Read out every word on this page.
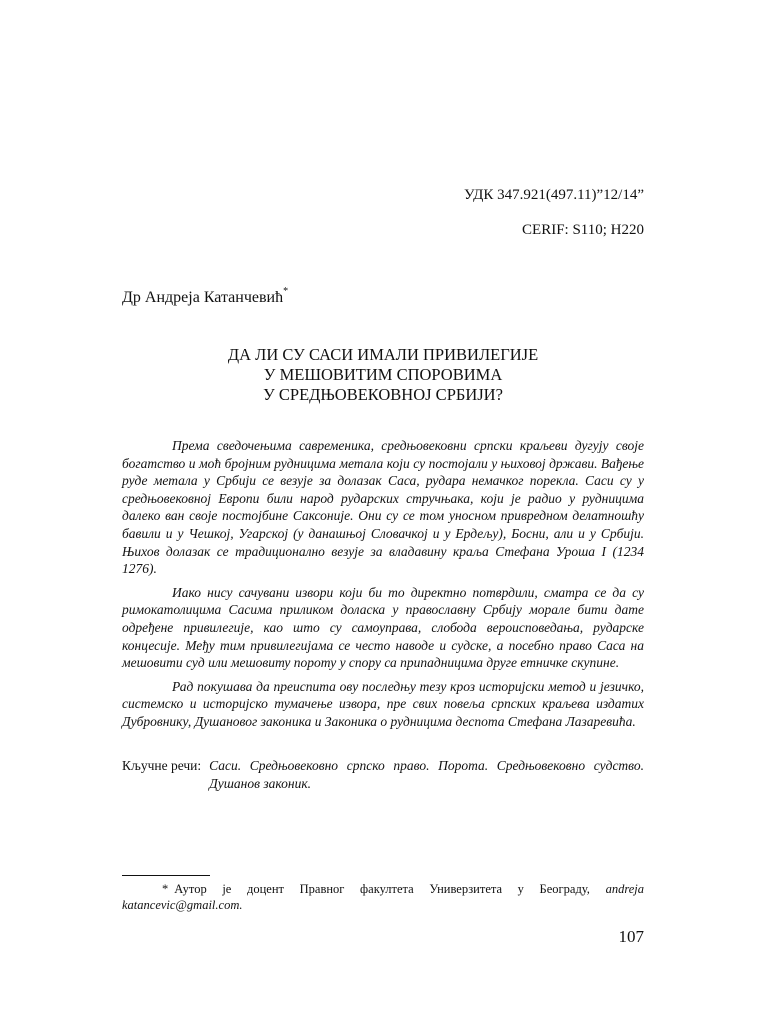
УДК 347.921(497.11)”12/14”
CERIF: S110; H220
Др Андреја Катанчевић*
ДА ЛИ СУ САСИ ИМАЛИ ПРИВИЛЕГИЈЕ
У МЕШОВИТИМ СПОРОВИМА
У СРЕДЊОВЕКОВНОЈ СРБИЈИ?

Према сведочењима савременика, средњовековни српски краљеви дугују своје богатство и моћ бројним рудницима метала који су постојали у њиховој држави. Вађење руде метала у Србији се везује за долазак Саса, рудара немачког порекла. Саси су у средњовековној Европи били народ рударских стручњака, који је радио у рудницима далеко ван своје постојбине Саксоније. Они су се том уносном привредном делатношћу бавили и у Чешкој, Угарској (у данашњој Словачкој и у Ердељу), Босни, али и у Србији. Њихов долазак се традиционално везује за владавину краља Стефана Уроша I (1234 1276).

Иако нису сачувани извори који би то директно потврдили, сматра се да су римокатолицима Сасима приликом доласка у православну Србију морале бити дате одређене привилегије, као што су самоуправа, слобода вероисповедања, рударске концесије. Међу тим привилегијама се често наводе и судске, а посебно право Саса на мешовити суд или мешовиту пороту у спору са припадницима друге етничке скупине.

Рад покушава да преиспита ову последњу тезу кроз историјски метод и језичко, системско и историјско тумачење извора, пре свих повеља српских краљева издатих Дубровнику, Душановог законика и Законика о рудницима деспота Стефана Лазаревића.

Кључне речи: Саси. Средњовековно српско право. Порота. Средњовековно судство. Душанов законик.
* Аутор је доцент Правног факултета Универзитета у Београду, andreja katancevic@gmail.com.
107
